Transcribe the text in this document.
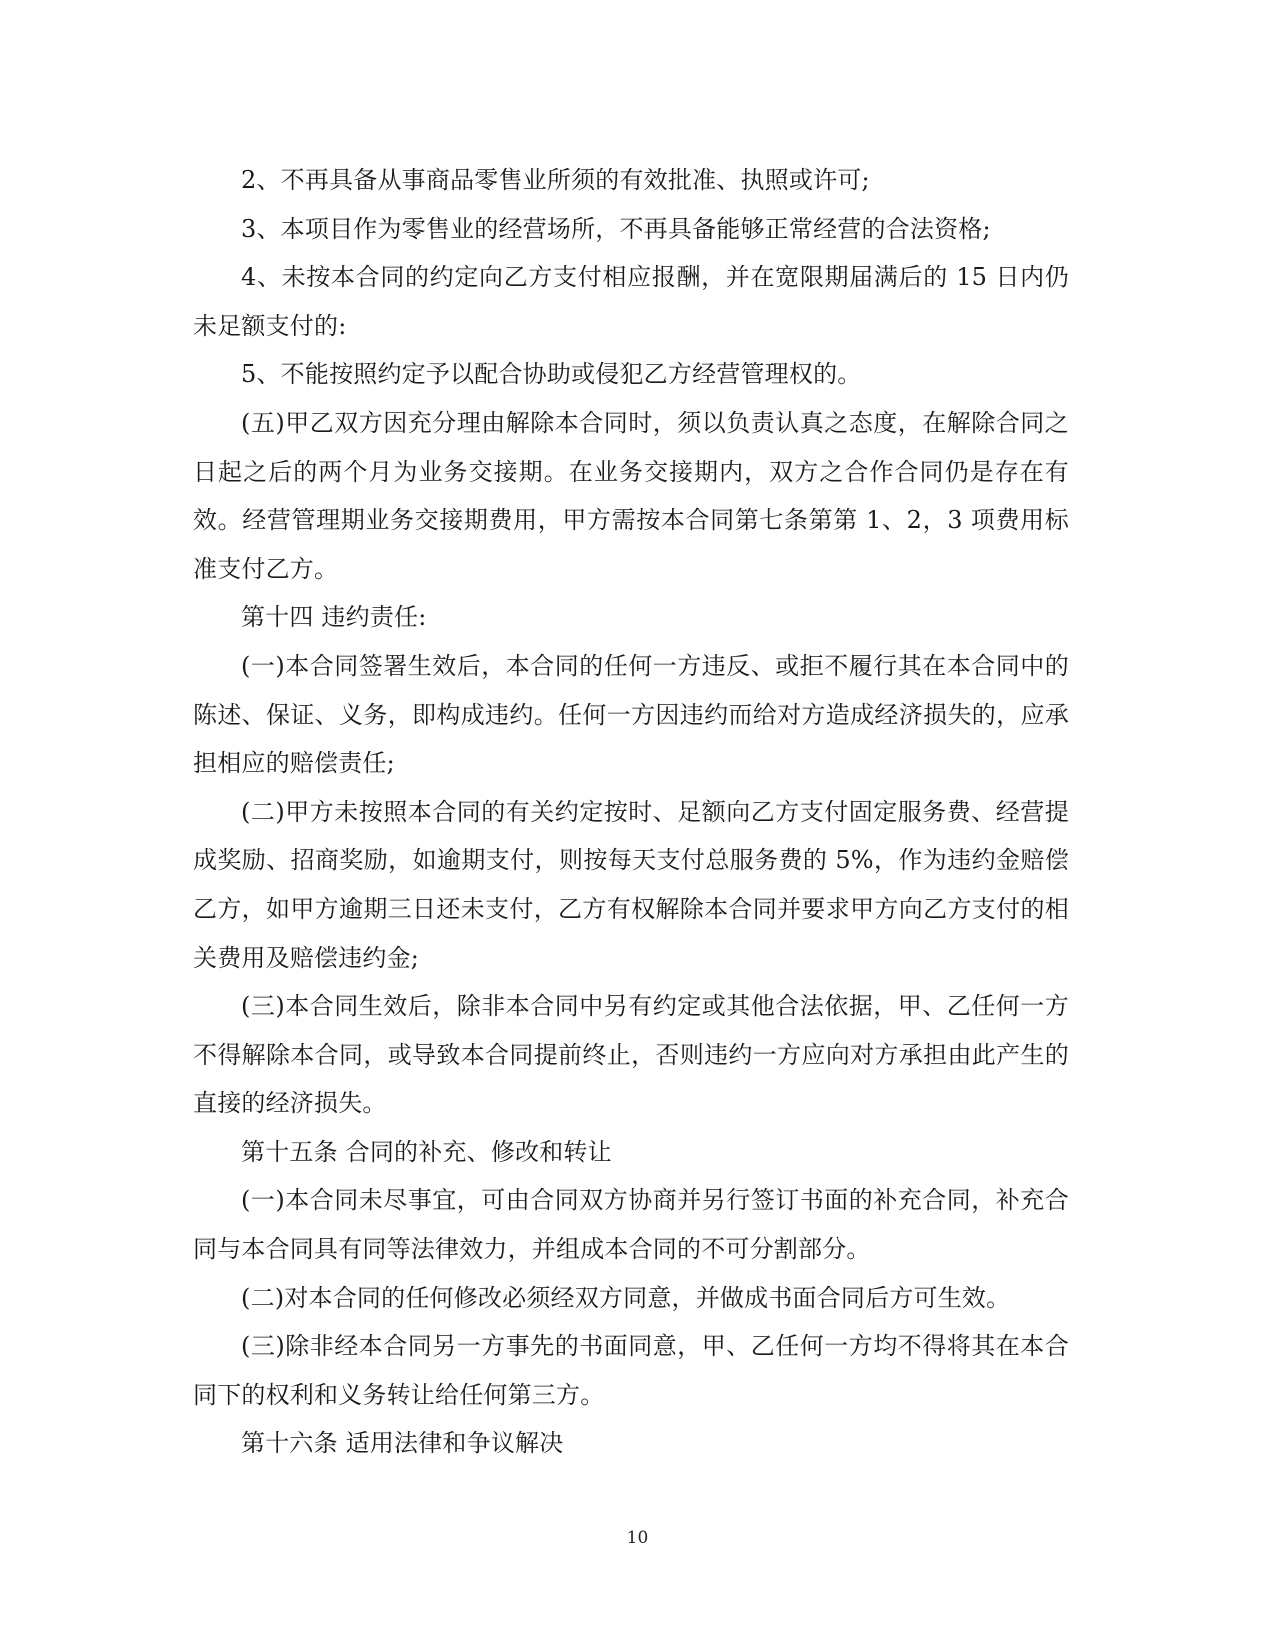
2、不再具备从事商品零售业所须的有效批准、执照或许可;

3、本项目作为零售业的经营场所，不再具备能够正常经营的合法资格;

4、未按本合同的约定向乙方支付相应报酬，并在宽限期届满后的 15 日内仍未足额支付的:

5、不能按照约定予以配合协助或侵犯乙方经营管理权的。

(五)甲乙双方因充分理由解除本合同时，须以负责认真之态度，在解除合同之日起之后的两个月为业务交接期。在业务交接期内，双方之合作合同仍是存在有效。经营管理期业务交接期费用，甲方需按本合同第七条第第 1、2，3 项费用标准支付乙方。

第十四 违约责任:

(一)本合同签署生效后，本合同的任何一方违反、或拒不履行其在本合同中的陈述、保证、义务，即构成违约。任何一方因违约而给对方造成经济损失的，应承担相应的赔偿责任;

(二)甲方未按照本合同的有关约定按时、足额向乙方支付固定服务费、经营提成奖励、招商奖励，如逾期支付，则按每天支付总服务费的 5%，作为违约金赔偿乙方，如甲方逾期三日还未支付，乙方有权解除本合同并要求甲方向乙方支付的相关费用及赔偿违约金;

(三)本合同生效后，除非本合同中另有约定或其他合法依据，甲、乙任何一方不得解除本合同，或导致本合同提前终止，否则违约一方应向对方承担由此产生的直接的经济损失。

第十五条 合同的补充、修改和转让

(一)本合同未尽事宜，可由合同双方协商并另行签订书面的补充合同，补充合同与本合同具有同等法律效力，并组成本合同的不可分割部分。

(二)对本合同的任何修改必须经双方同意，并做成书面合同后方可生效。

(三)除非经本合同另一方事先的书面同意，甲、乙任何一方均不得将其在本合同下的权利和义务转让给任何第三方。

第十六条 适用法律和争议解决

10
